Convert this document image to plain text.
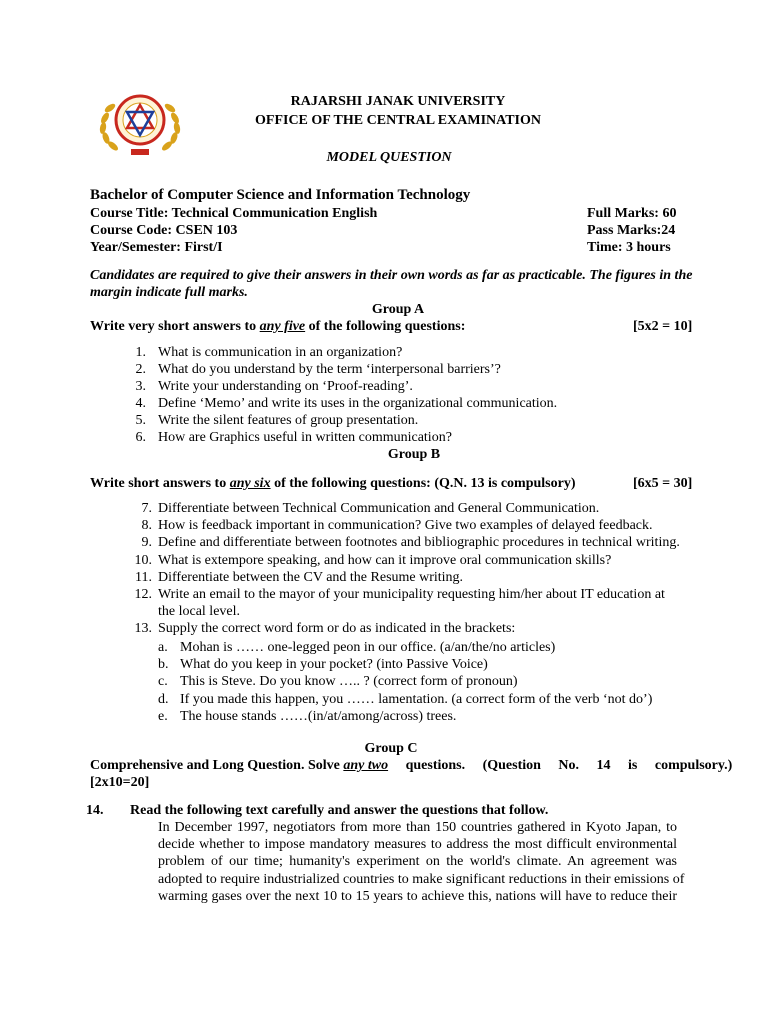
RAJARSHI JANAK UNIVERSITY
OFFICE OF THE CENTRAL EXAMINATION
MODEL QUESTION
Bachelor of Computer Science and Information Technology
Course Title: Technical Communication English
Course Code: CSEN 103
Year/Semester: First/I
Full Marks: 60
Pass Marks:24
Time: 3 hours
Candidates are required to give their answers in their own words as far as practicable. The figures in the
margin indicate full marks.
Group A
Write very short answers to any five of the following questions:	[5x2 = 10]
1. What is communication in an organization?
2. What do you understand by the term ‘interpersonal barriers’?
3. Write your understanding on ‘Proof-reading’.
4. Define ‘Memo’ and write its uses in the organizational communication.
5. Write the silent features of group presentation.
6. How are Graphics useful in written communication?
Group B
Write short answers to any six of the following questions: (Q.N. 13 is compulsory)	[6x5 = 30]
7. Differentiate between Technical Communication and General Communication.
8. How is feedback important in communication? Give two examples of delayed feedback.
9. Define and differentiate between footnotes and bibliographic procedures in technical writing.
10. What is extempore speaking, and how can it improve oral communication skills?
11. Differentiate between the CV and the Resume writing.
12. Write an email to the mayor of your municipality requesting him/her about IT education at
the local level.
13. Supply the correct word form or do as indicated in the brackets:
a. Mohan is …… one-legged peon in our office. (a/an/the/no articles)
b. What do you keep in your pocket? (into Passive Voice)
c. This is Steve. Do you know ….. ? (correct form of pronoun)
d. If you made this happen, you …… lamentation. (a correct form of the verb ‘not do’)
e. The house stands ……(in/at/among/across) trees.
Group C
Comprehensive and Long Question. Solve any two questions. (Question No. 14 is compulsory.)
[2x10=20]
14. Read the following text carefully and answer the questions that follow.
In December 1997, negotiators from more than 150 countries gathered in Kyoto Japan, to
decide whether to impose mandatory measures to address the most difficult environmental
problem of our time; humanity's experiment on the world's climate. An agreement was
adopted to require industrialized countries to make significant reductions in their emissions of
warming gases over the next 10 to 15 years to achieve this, nations will have to reduce their
